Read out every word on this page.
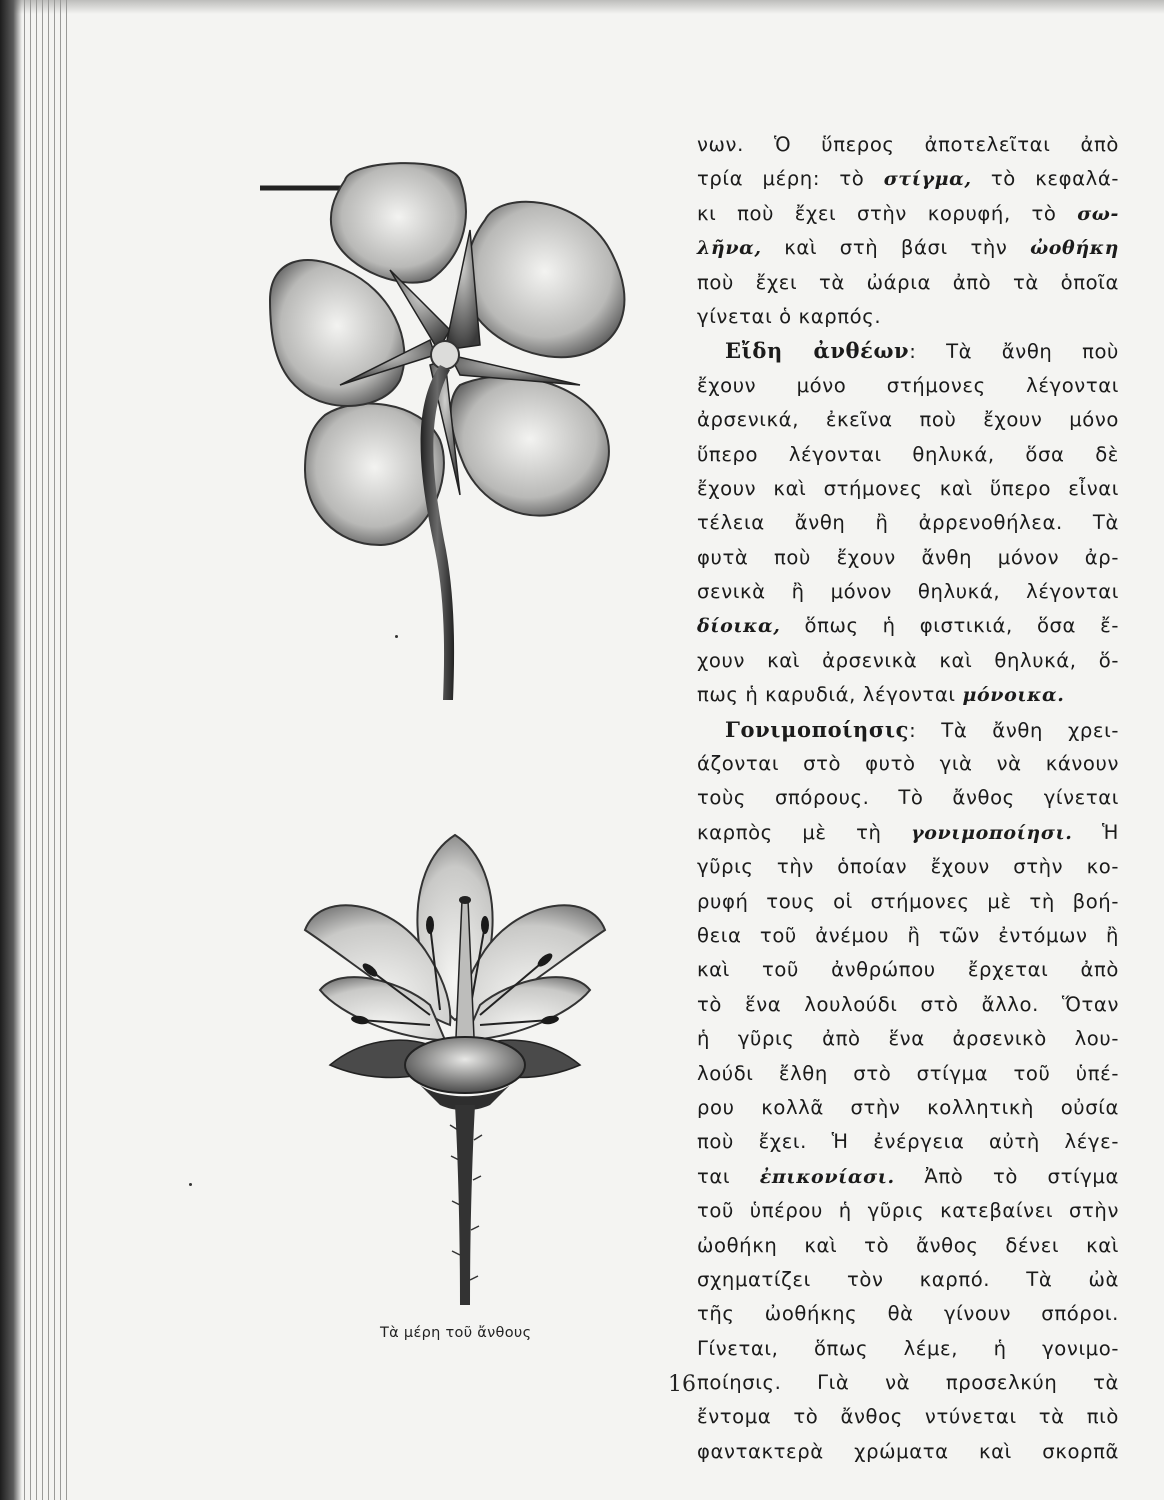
Τὰ μέρη τοῦ ἄνθους
νων. Ὁ ὕπερος ἀποτελεῖται ἀπὸ
τρία μέρη: τὸ στίγμα, τὸ κεφαλά-
κι ποὺ ἔχει στὴν κορυφή, τὸ σω-
λῆνα, καὶ στὴ βάσι τὴν ὠοθήκη
ποὺ ἔχει τὰ ὠάρια ἀπὸ τὰ ὁποῖα
γίνεται ὁ καρπός.
Εἴδη ἀνθέων: Τὰ ἄνθη ποὺ
ἔχουν μόνο στήμονες λέγονται
ἀρσενικά, ἐκεῖνα ποὺ ἔχουν μόνο
ὕπερο λέγονται θηλυκά, ὅσα δὲ
ἔχουν καὶ στήμονες καὶ ὕπερο εἶναι
τέλεια ἄνθη ἢ ἀρρενοθήλεα. Τὰ
φυτὰ ποὺ ἔχουν ἄνθη μόνον ἀρ-
σενικὰ ἢ μόνον θηλυκά, λέγονται
δίοικα, ὅπως ἡ φιστικιά, ὅσα ἔ-
χουν καὶ ἀρσενικὰ καὶ θηλυκά, ὅ-
πως ἡ καρυδιά, λέγονται μόνοικα.
Γονιμοποίησις: Τὰ ἄνθη χρει-
άζονται στὸ φυτὸ γιὰ νὰ κάνουν
τοὺς σπόρους. Τὸ ἄνθος γίνεται
καρπὸς μὲ τὴ γονιμοποίησι. Ἡ
γῦρις τὴν ὁποίαν ἔχουν στὴν κο-
ρυφή τους οἱ στήμονες μὲ τὴ βοή-
θεια τοῦ ἀνέμου ἢ τῶν ἐντόμων ἢ
καὶ τοῦ ἀνθρώπου ἔρχεται ἀπὸ
τὸ ἕνα λουλούδι στὸ ἄλλο. Ὅταν
ἡ γῦρις ἀπὸ ἕνα ἀρσενικὸ λου-
λούδι ἔλθη στὸ στίγμα τοῦ ὑπέ-
ρου κολλᾶ στὴν κολλητικὴ οὐσία
ποὺ ἔχει. Ἡ ἐνέργεια αὐτὴ λέγε-
ται ἐπικονίασι. Ἀπὸ τὸ στίγμα
τοῦ ὑπέρου ἡ γῦρις κατεβαίνει στὴν
ὠοθήκη καὶ τὸ ἄνθος δένει καὶ
σχηματίζει τὸν καρπό. Τὰ ὠὰ
τῆς ὠοθήκης θὰ γίνουν σπόροι.
Γίνεται, ὅπως λέμε, ἡ γονιμο-
ποίησις. Γιὰ νὰ προσελκύη τὰ
ἔντομα τὸ ἄνθος ντύνεται τὰ πιὸ
φαντακτερὰ χρώματα καὶ σκορπᾶ
16
